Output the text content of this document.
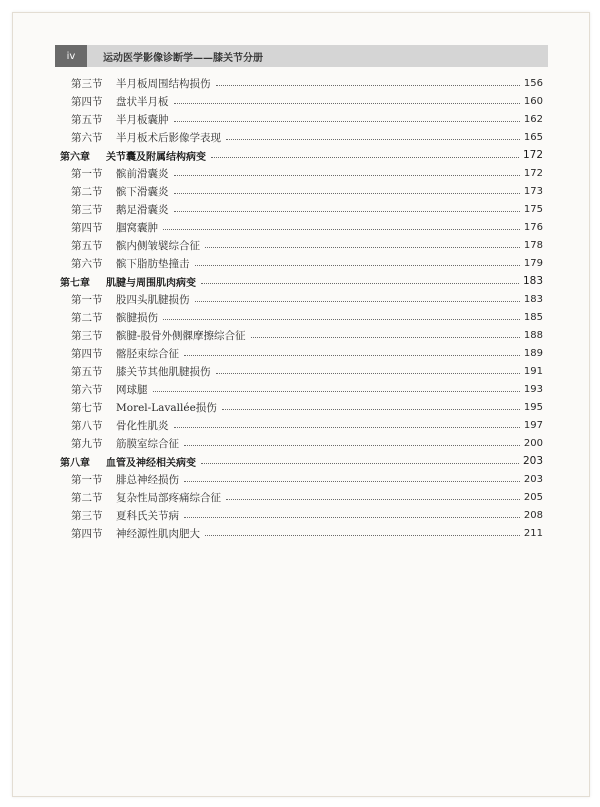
iv	运动医学影像诊断学——膝关节分册
第三节	半月板周围结构损伤	156
第四节	盘状半月板	160
第五节	半月板囊肿	162
第六节	半月板术后影像学表现	165
第六章	关节囊及附属结构病变	172
第一节	髌前滑囊炎	172
第二节	髌下滑囊炎	173
第三节	鹅足滑囊炎	175
第四节	腘窝囊肿	176
第五节	髌内侧皱襞综合征	178
第六节	髌下脂肪垫撞击	179
第七章	肌腱与周围肌肉病变	183
第一节	股四头肌腱损伤	183
第二节	髌腱损伤	185
第三节	髌腱-股骨外侧髁摩擦综合征	188
第四节	髂胫束综合征	189
第五节	膝关节其他肌腱损伤	191
第六节	网球腿	193
第七节	Morel-Lavallée损伤	195
第八节	骨化性肌炎	197
第九节	筋膜室综合征	200
第八章	血管及神经相关病变	203
第一节	腓总神经损伤	203
第二节	复杂性局部疼痛综合征	205
第三节	夏科氏关节病	208
第四节	神经源性肌肉肥大	211
